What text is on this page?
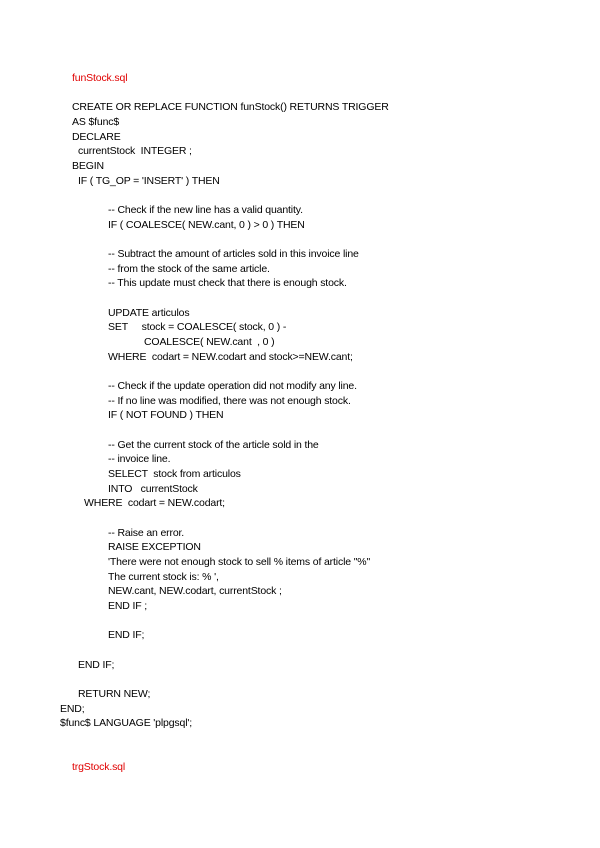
funStock.sql
CREATE OR REPLACE FUNCTION funStock() RETURNS TRIGGER
AS $func$
DECLARE
currentStock  INTEGER ;
BEGIN
IF ( TG_OP = 'INSERT' ) THEN
-- Check if the new line has a valid quantity.
IF ( COALESCE( NEW.cant, 0 ) > 0 ) THEN
-- Subtract the amount of articles sold in this invoice line
-- from the stock of the same article.
-- This update must check that there is enough stock.
UPDATE articulos
SET     stock = COALESCE( stock, 0 ) -
COALESCE( NEW.cant  , 0 )
WHERE  codart = NEW.codart and stock>=NEW.cant;
-- Check if the update operation did not modify any line.
-- If no line was modified, there was not enough stock.
IF ( NOT FOUND ) THEN
-- Get the current stock of the article sold in the
-- invoice line.
SELECT  stock from articulos
INTO   currentStock
WHERE  codart = NEW.codart;
-- Raise an error.
RAISE EXCEPTION
'There were not enough stock to sell % items of article "%"
The current stock is: % ',
NEW.cant, NEW.codart, currentStock ;
END IF ;
END IF;
END IF;
RETURN NEW;
END;
$func$ LANGUAGE 'plpgsql';
trgStock.sql
